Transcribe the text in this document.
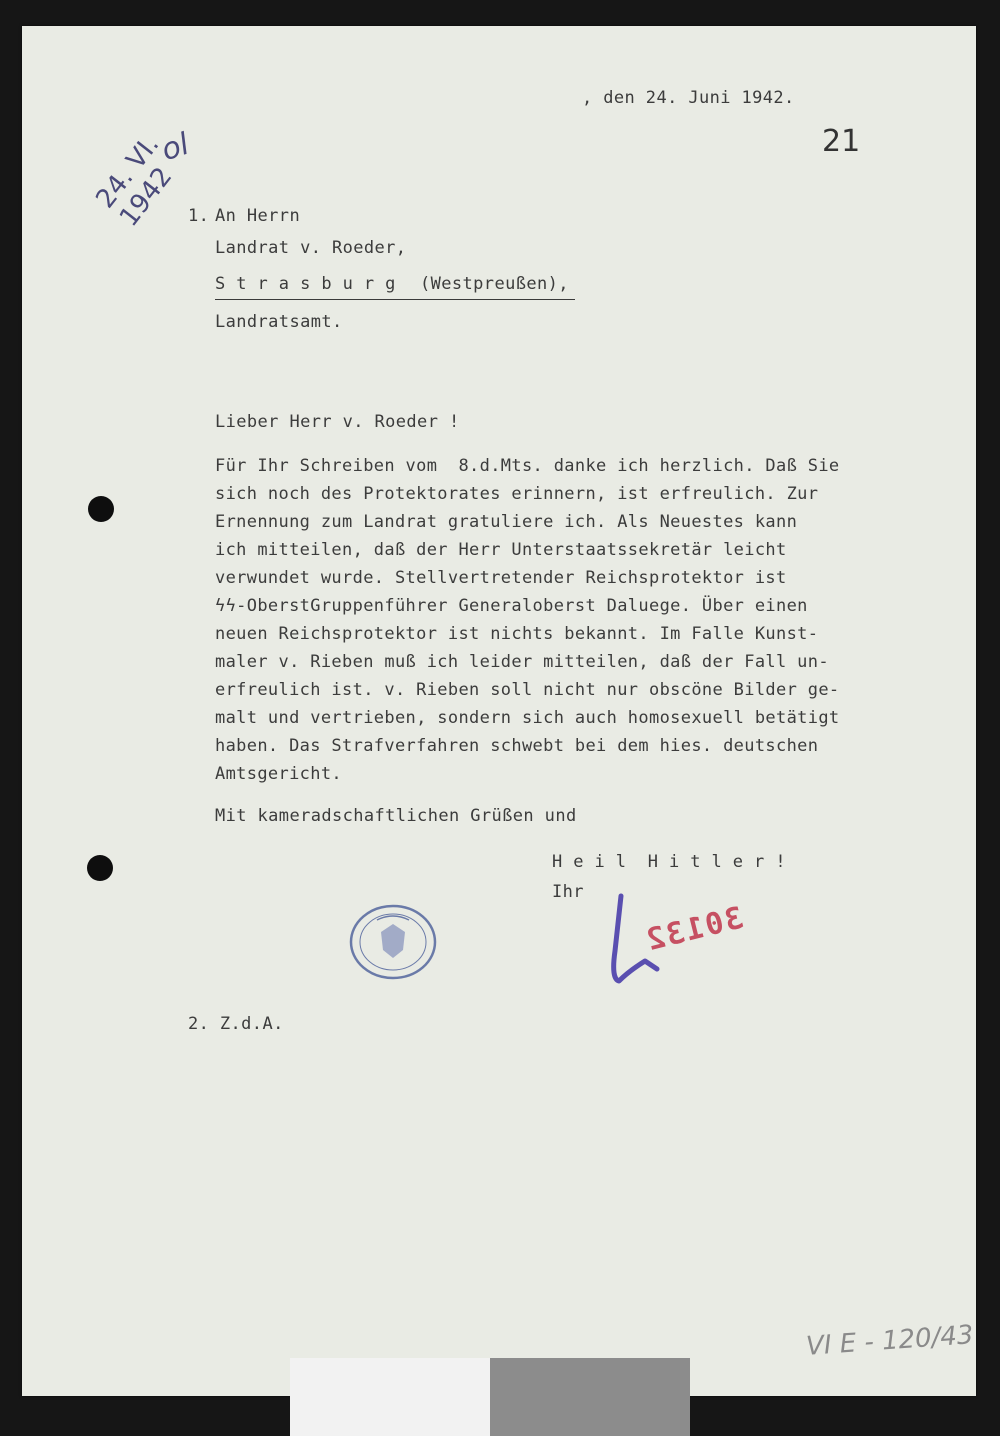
, den 24. Juni 1942.
21
ol
24. VI. 1942 1. An Herrn
Landrat v. Roeder,
S t r a s b u r g (Westpreußen),
Landratsamt.
Lieber Herr v. Roeder !
Für Ihr Schreiben vom  8.d.Mts. danke ich herzlich. Daß Sie
sich noch des Protektorates erinnern, ist erfreulich. Zur
Ernennung zum Landrat gratuliere ich. Als Neuestes kann
ich mitteilen, daß der Herr Unterstaatssekretär leicht
verwundet wurde. Stellvertretender Reichsprotektor ist
ϟϟ-OberstGruppenführer Generaloberst Daluege. Über einen
neuen Reichsprotektor ist nichts bekannt. Im Falle Kunst-
maler v. Rieben muß ich leider mitteilen, daß der Fall un-
erfreulich ist. v. Rieben soll nicht nur obscöne Bilder ge-
malt und vertrieben, sondern sich auch homosexuell betätigt
haben. Das Strafverfahren schwebt bei dem hies. deutschen
Amtsgericht.
Mit kameradschaftlichen Grüßen und
H e i l  H i t l e r !
Ihr
30132
2. Z.d.A.
VI E - 120/43
